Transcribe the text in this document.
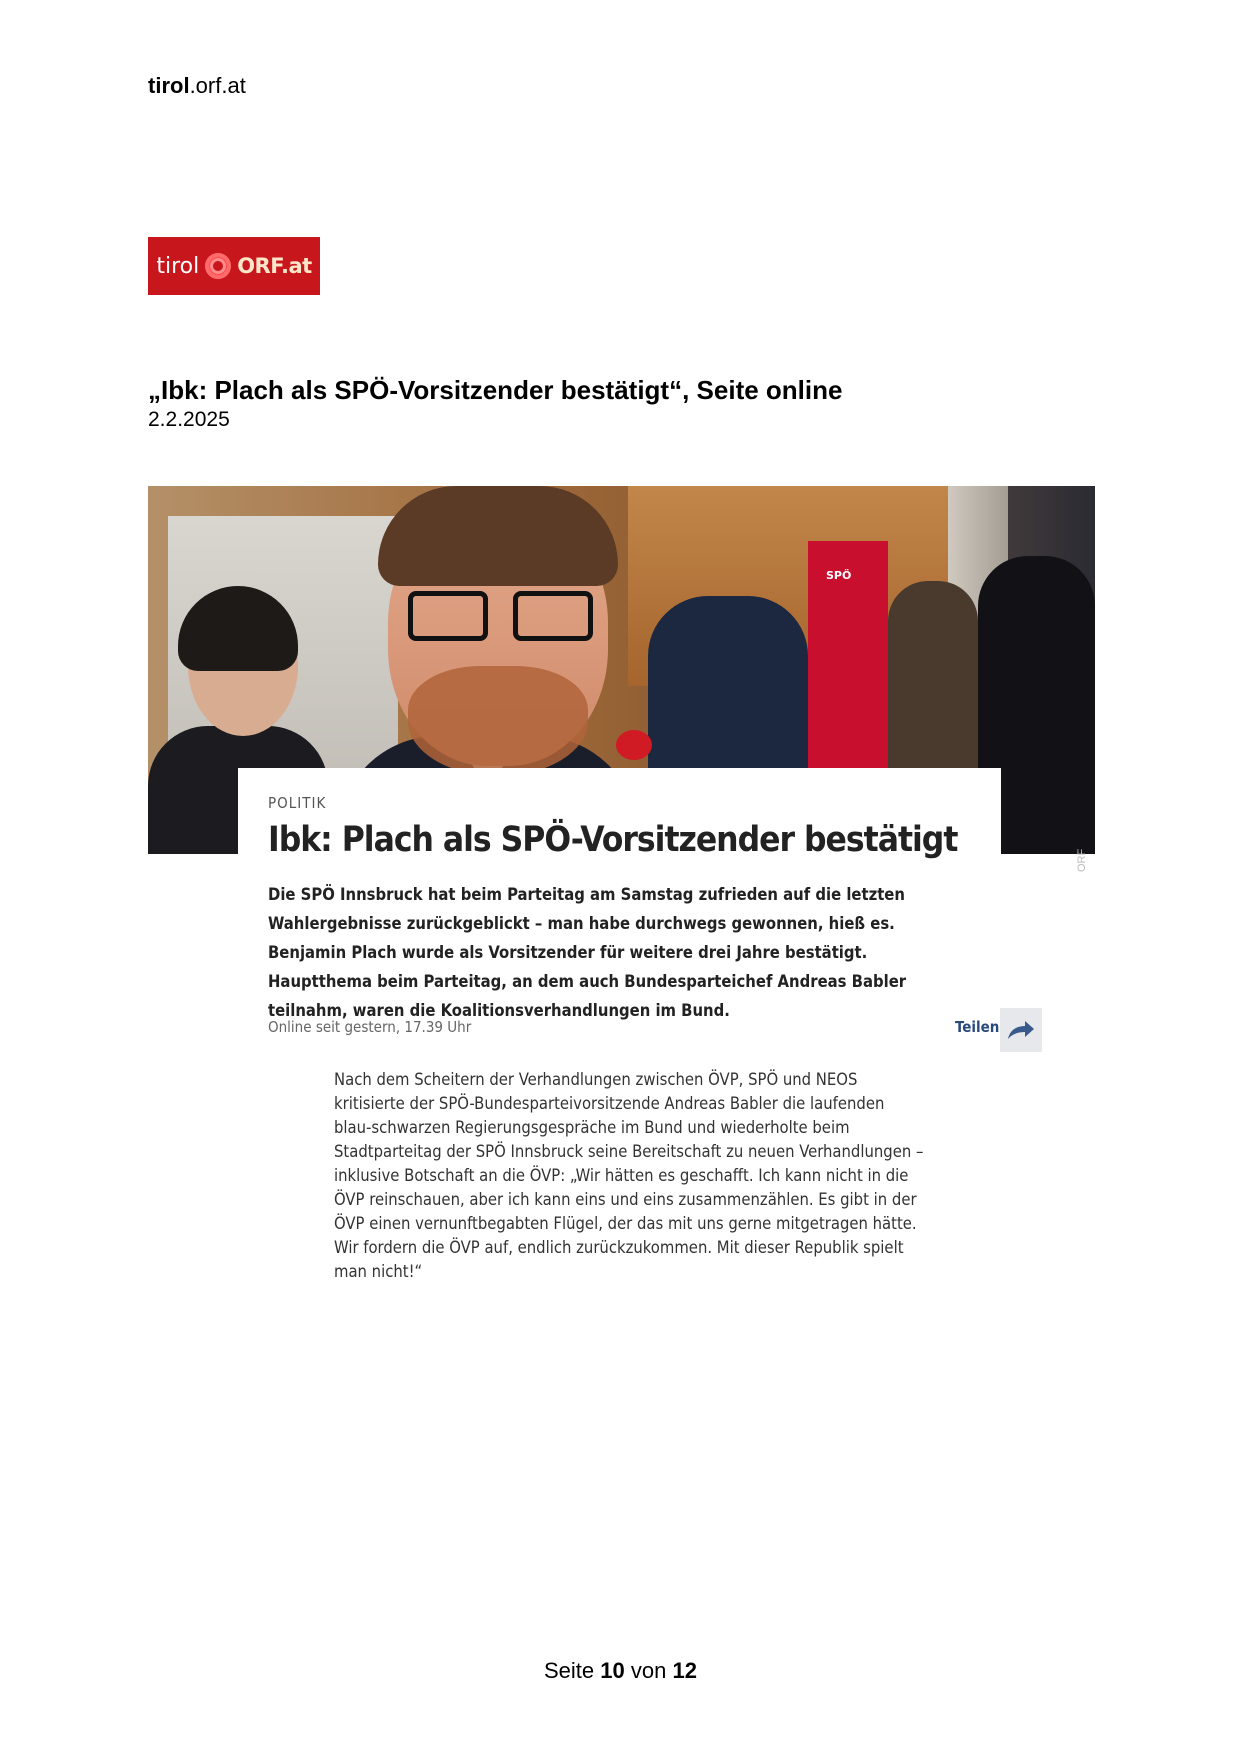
tirol.orf.at
tirol ORF.at
„Ibk: Plach als SPÖ-Vorsitzender bestätigt“, Seite online
2.2.2025
SPÖ
ORF
POLITIK
Ibk: Plach als SPÖ-Vorsitzender bestätigt
Die SPÖ Innsbruck hat beim Parteitag am Samstag zufrieden auf die letzten Wahlergebnisse zurückgeblickt – man habe durchwegs gewonnen, hieß es. Benjamin Plach wurde als Vorsitzender für weitere drei Jahre bestätigt. Hauptthema beim Parteitag, an dem auch Bundesparteichef Andreas Babler teilnahm, waren die Koalitionsverhandlungen im Bund.
Online seit gestern, 17.39 Uhr	Teilen
Nach dem Scheitern der Verhandlungen zwischen ÖVP, SPÖ und NEOS kritisierte der SPÖ-Bundesparteivorsitzende Andreas Babler die laufenden blau-schwarzen Regierungsgespräche im Bund und wiederholte beim Stadtparteitag der SPÖ Innsbruck seine Bereitschaft zu neuen Verhandlungen – inklusive Botschaft an die ÖVP: „Wir hätten es geschafft. Ich kann nicht in die ÖVP reinschauen, aber ich kann eins und eins zusammenzählen. Es gibt in der ÖVP einen vernunftbegabten Flügel, der das mit uns gerne mitgetragen hätte. Wir fordern die ÖVP auf, endlich zurückzukommen. Mit dieser Republik spielt man nicht!“
Seite 10 von 12
